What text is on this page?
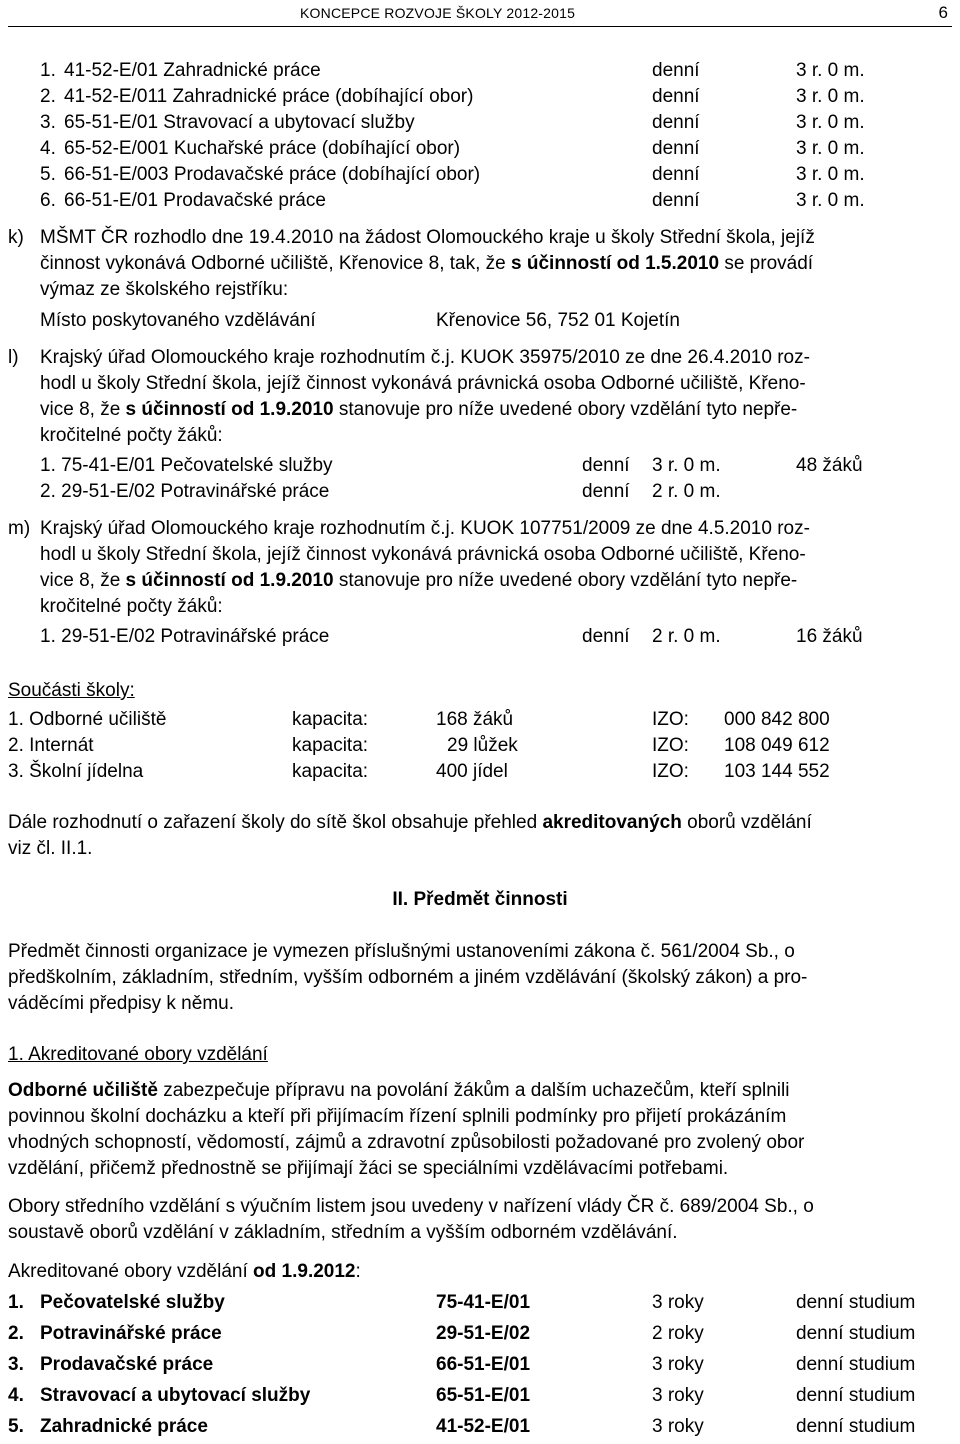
KONCEPCE ROZVOJE ŠKOLY 2012-2015	6
1. 41-52-E/01 Zahradnické práce	denní	3 r. 0 m.
2. 41-52-E/011 Zahradnické práce (dobíhající obor)	denní	3 r. 0 m.
3. 65-51-E/01 Stravovací a ubytovací služby	denní	3 r. 0 m.
4. 65-52-E/001 Kuchařské práce (dobíhající obor)	denní	3 r. 0 m.
5. 66-51-E/003 Prodavačské práce (dobíhající obor)	denní	3 r. 0 m.
6. 66-51-E/01 Prodavačské práce	denní	3 r. 0 m.
k) MŠMT ČR rozhodlo dne 19.4.2010 na žádost Olomouckého kraje u školy Střední škola, jejíž
činnost vykonává Odborné učiliště, Křenovice 8, tak, že s účinností od 1.5.2010 se provádí
výmaz ze školského rejstříku:
Místo poskytovaného vzdělávání	Křenovice 56, 752 01 Kojetín
l) Krajský úřad Olomouckého kraje rozhodnutím č.j. KUOK 35975/2010 ze dne 26.4.2010 roz-
hodl u školy Střední škola, jejíž činnost vykonává právnická osoba Odborné učiliště, Křeno-
vice 8, že s účinností od 1.9.2010 stanovuje pro níže uvedené obory vzdělání tyto nepře-
kročitelné počty žáků:
1. 75-41-E/01 Pečovatelské služby	denní 3 r. 0 m.	48 žáků
2. 29-51-E/02 Potravinářské práce	denní 2 r. 0 m.
m) Krajský úřad Olomouckého kraje rozhodnutím č.j. KUOK 107751/2009 ze dne 4.5.2010 roz-
hodl u školy Střední škola, jejíž činnost vykonává právnická osoba Odborné učiliště, Křeno-
vice 8, že s účinností od 1.9.2010 stanovuje pro níže uvedené obory vzdělání tyto nepře-
kročitelné počty žáků:
1. 29-51-E/02 Potravinářské práce	denní 2 r. 0 m.	16 žáků
Součásti školy:
1. Odborné učiliště	kapacita:	168 žáků	IZO: 000 842 800
2. Internát	kapacita:	29 lůžek	IZO: 108 049 612
3. Školní jídelna	kapacita:	400 jídel	IZO: 103 144 552
Dále rozhodnutí o zařazení školy do sítě škol obsahuje přehled akreditovaných oborů vzdělání
viz čl. II.1.
II. Předmět činnosti
Předmět činnosti organizace je vymezen příslušnými ustanoveními zákona č. 561/2004 Sb., o
předškolním, základním, středním, vyšším odborném a jiném vzdělávání (školský zákon) a pro-
váděcími předpisy k němu.
1. Akreditované obory vzdělání
Odborné učiliště zabezpečuje přípravu na povolání žákům a dalším uchazečům, kteří splnili
povinnou školní docházku a kteří při přijímacím řízení splnili podmínky pro přijetí prokázáním
vhodných schopností, vědomostí, zájmů a zdravotní způsobilosti požadované pro zvolený obor
vzdělání, přičemž přednostně se přijímají žáci se speciálními vzdělávacími potřebami.
Obory středního vzdělání s výučním listem jsou uvedeny v nařízení vlády ČR č. 689/2004 Sb., o
soustavě oborů vzdělání v základním, středním a vyšším odborném vzdělávání.
Akreditované obory vzdělání od 1.9.2012:
1. Pečovatelské služby	75-41-E/01	3 roky	denní studium
2. Potravinářské práce	29-51-E/02	2 roky	denní studium
3. Prodavačské práce	66-51-E/01	3 roky	denní studium
4. Stravovací a ubytovací služby	65-51-E/01	3 roky	denní studium
5. Zahradnické práce	41-52-E/01	3 roky	denní studium
